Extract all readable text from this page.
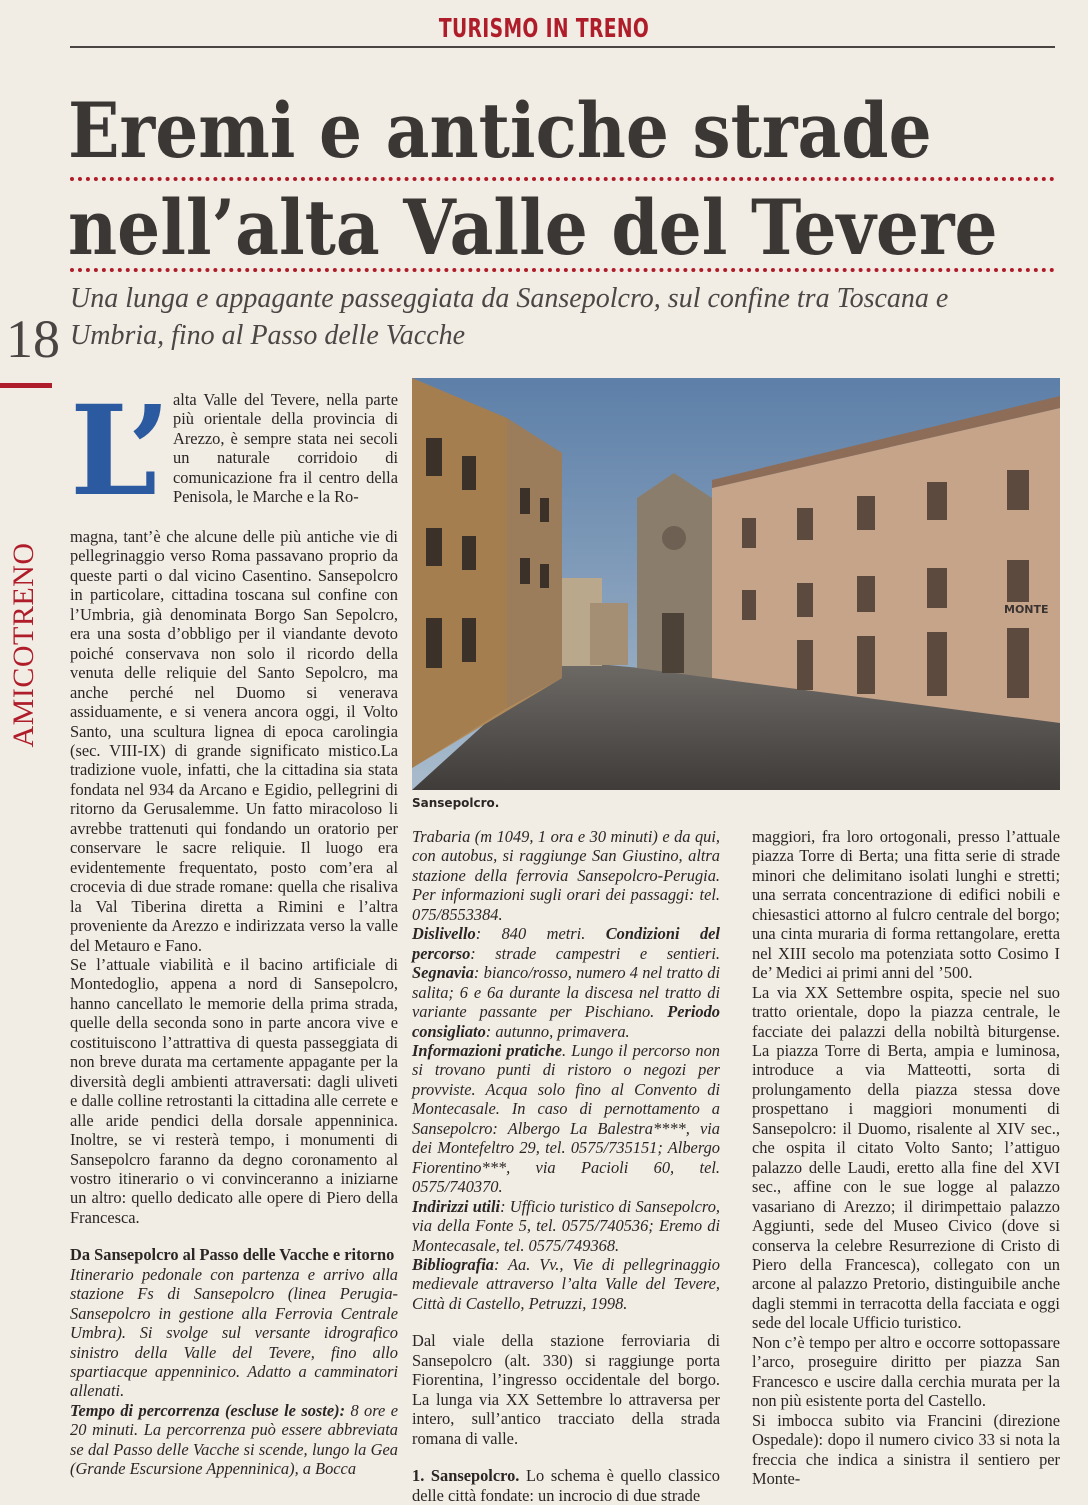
TURISMO IN TRENO
Eremi e antiche strade
nell’alta Valle del Tevere
Una lunga e appagante passeggiata da Sansepolcro, sul confine tra Toscana e Umbria, fino al Passo delle Vacche
18
AMICOTRENO
L’ alta Valle del Tevere, nella parte più orientale della provincia di Arezzo, è sempre stata nei secoli un naturale corridoio di comunicazione fra il centro della Penisola, le Marche e la Ro-

magna, tant’è che alcune delle più antiche vie di pellegrinaggio verso Roma passavano proprio da queste parti o dal vicino Casentino. Sansepolcro in particolare, cittadina toscana sul confine con l’Umbria, già denominata Borgo San Sepolcro, era una sosta d’obbligo per il viandante devoto poiché conservava non solo il ricordo della venuta delle reliquie del Santo Sepolcro, ma anche perché nel Duomo si venerava assiduamente, e si venera ancora oggi, il Volto Santo, una scultura lignea di epoca carolingia (sec. VIII-IX) di grande significato mistico.La tradizione vuole, infatti, che la cittadina sia stata fondata nel 934 da Arcano e Egidio, pellegrini di ritorno da Gerusalemme. Un fatto miracoloso li avrebbe trattenuti qui fondando un oratorio per conservare le sacre reliquie. Il luogo era evidentemente frequentato, posto com’era al crocevia di due strade romane: quella che risaliva la Val Tiberina diretta a Rimini e l’altra proveniente da Arezzo e indirizzata verso la valle del Metauro e Fano.

Se l’attuale viabilità e il bacino artificiale di Montedoglio, appena a nord di Sansepolcro, hanno cancellato le memorie della prima strada, quelle della seconda sono in parte ancora vive e costituiscono l’attrattiva di questa passeggiata di non breve durata ma certamente appagante per la diversità degli ambienti attraversati: dagli uliveti e dalle colline retrostanti la cittadina alle cerrete e alle aride pendici della dorsale appenninica. Inoltre, se vi resterà tempo, i monumenti di Sansepolcro faranno da degno coronamento al vostro itinerario o vi convinceranno a iniziarne un altro: quello dedicato alle opere di Piero della Francesca.

Da Sansepolcro al Passo delle Vacche e ritorno

Itinerario pedonale con partenza e arrivo alla stazione Fs di Sansepolcro (linea Perugia-Sansepolcro in gestione alla Ferrovia Centrale Umbra). Si svolge sul versante idrografico sinistro della Valle del Tevere, fino allo spartiacque appenninico. Adatto a camminatori allenati.

Tempo di percorrenza (escluse le soste): 8 ore e 20 minuti. La percorrenza può essere abbreviata se dal Passo delle Vacche si scende, lungo la Gea (Grande Escursione Appenninica), a Bocca

MONTE
Sansepolcro.

Trabaria (m 1049, 1 ora e 30 minuti) e da qui, con autobus, si raggiunge San Giustino, altra stazione della ferrovia Sansepolcro-Perugia. Per informazioni sugli orari dei passaggi: tel. 075/8553384.

Dislivello: 840 metri. Condizioni del percorso: strade campestri e sentieri. Segnavia: bianco/rosso, numero 4 nel tratto di salita; 6 e 6a durante la discesa nel tratto di variante passante per Pischiano. Periodo consigliato: autunno, primavera.

Informazioni pratiche. Lungo il percorso non si trovano punti di ristoro o negozi per provviste. Acqua solo fino al Convento di Montecasale. In caso di pernottamento a Sansepolcro: Albergo La Balestra****, via dei Montefeltro 29, tel. 0575/735151; Albergo Fiorentino***, via Pacioli 60, tel. 0575/740370.

Indirizzi utili: Ufficio turistico di Sansepolcro, via della Fonte 5, tel. 0575/740536; Eremo di Montecasale, tel. 0575/749368.

Bibliografia: Aa. Vv., Vie di pellegrinaggio medievale attraverso l’alta Valle del Tevere, Città di Castello, Petruzzi, 1998.

Dal viale della stazione ferroviaria di Sansepolcro (alt. 330) si raggiunge porta Fiorentina, l’ingresso occidentale del borgo. La lunga via XX Settembre lo attraversa per intero, sull’antico tracciato della strada romana di valle.

1. Sansepolcro. Lo schema è quello classico delle città fondate: un incrocio di due strade

maggiori, fra loro ortogonali, presso l’attuale piazza Torre di Berta; una fitta serie di strade minori che delimitano isolati lunghi e stretti; una serrata concentrazione di edifici nobili e chiesastici attorno al fulcro centrale del borgo; una cinta muraria di forma rettangolare, eretta nel XIII secolo ma potenziata sotto Cosimo I de’ Medici ai primi anni del ’500.

La via XX Settembre ospita, specie nel suo tratto orientale, dopo la piazza centrale, le facciate dei palazzi della nobiltà biturgense. La piazza Torre di Berta, ampia e luminosa, introduce a via Matteotti, sorta di prolungamento della piazza stessa dove prospettano i maggiori monumenti di Sansepolcro: il Duomo, risalente al XIV sec., che ospita il citato Volto Santo; l’attiguo palazzo delle Laudi, eretto alla fine del XVI sec., affine con le sue logge al palazzo vasariano di Arezzo; il dirimpettaio palazzo Aggiunti, sede del Museo Civico (dove si conserva la celebre Resurrezione di Cristo di Piero della Francesca), collegato con un arcone al palazzo Pretorio, distinguibile anche dagli stemmi in terracotta della facciata e oggi sede del locale Ufficio turistico.

Non c’è tempo per altro e occorre sottopassare l’arco, proseguire diritto per piazza San Francesco e uscire dalla cerchia murata per la non più esistente porta del Castello.

Si imbocca subito via Francini (direzione Ospedale): dopo il numero civico 33 si nota la freccia che indica a sinistra il sentiero per Monte-
